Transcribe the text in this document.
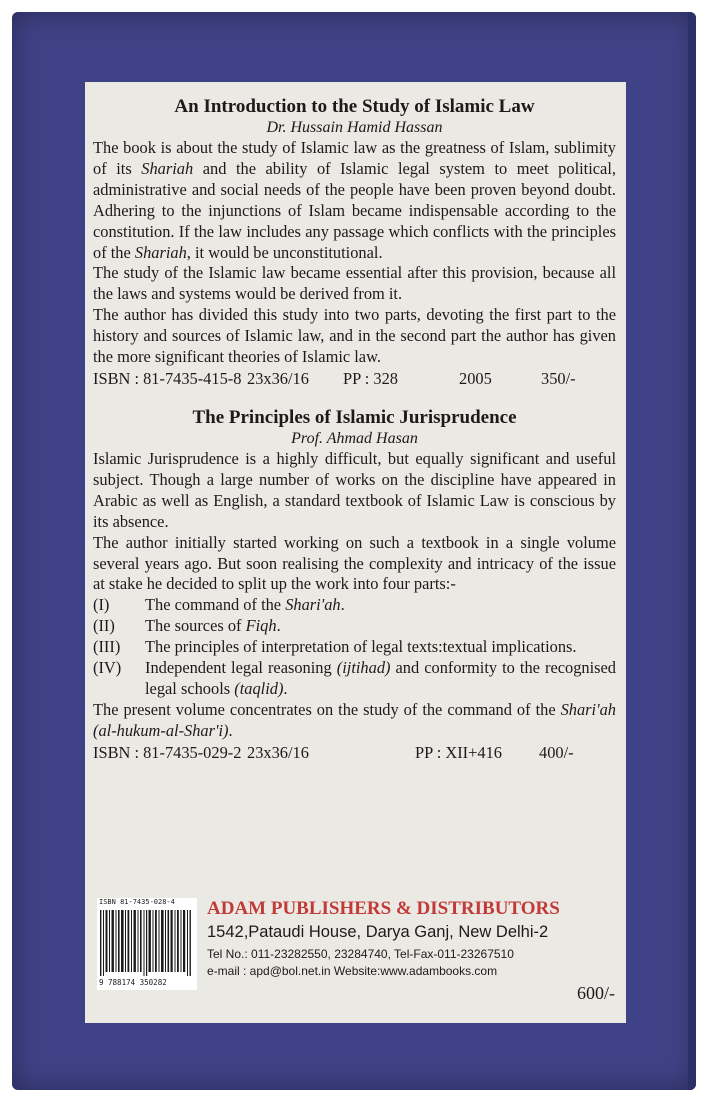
An Introduction to the Study of Islamic Law
Dr. Hussain Hamid Hassan

The book is about the study of Islamic law as the greatness of Islam, sublimity of its Shariah and the ability of Islamic legal system to meet political, administrative and social needs of the people have been proven beyond doubt. Adhering to the injunctions of Islam became indispensable according to the constitution. If the law includes any passage which conflicts with the principles of the Shariah, it would be unconstitutional.

The study of the Islamic law became essential after this provision, because all the laws and systems would be derived from it.

The author has divided this study into two parts, devoting the first part to the history and sources of Islamic law, and in the second part the author has given the more significant theories of Islamic law.

ISBN : 81-7435-415-8 23x36/16	PP : 328	2005	350/-
The Principles of Islamic Jurisprudence
Prof. Ahmad Hasan

Islamic Jurisprudence is a highly difficult, but equally significant and useful subject. Though a large number of works on the discipline have appeared in Arabic as well as English, a standard textbook of Islamic Law is conscious by its absence.

The author initially started working on such a textbook in a single volume several years ago. But soon realising the complexity and intricacy of the issue at stake he decided to split up the work into four parts:-

(I)	The command of the Shari'ah.
(II)	The sources of Fiqh.
(III)	The principles of interpretation of legal texts:textual implications.
(IV)	Independent legal reasoning (ijtihad) and conformity to the recognised legal schools (taqlid).

The present volume concentrates on the study of the command of the Shari'ah (al-hukum-al-Shar'i).

ISBN : 81-7435-029-2 23x36/16	PP : XII+416	400/-
ISBN 81-7435-028-4
9 788174 350282
ADAM PUBLISHERS & DISTRIBUTORS
1542,Pataudi House, Darya Ganj, New Delhi-2
Tel No.: 011-23282550, 23284740, Tel-Fax-011-23267510
e-mail : apd@bol.net.in Website:www.adambooks.com
600/-
